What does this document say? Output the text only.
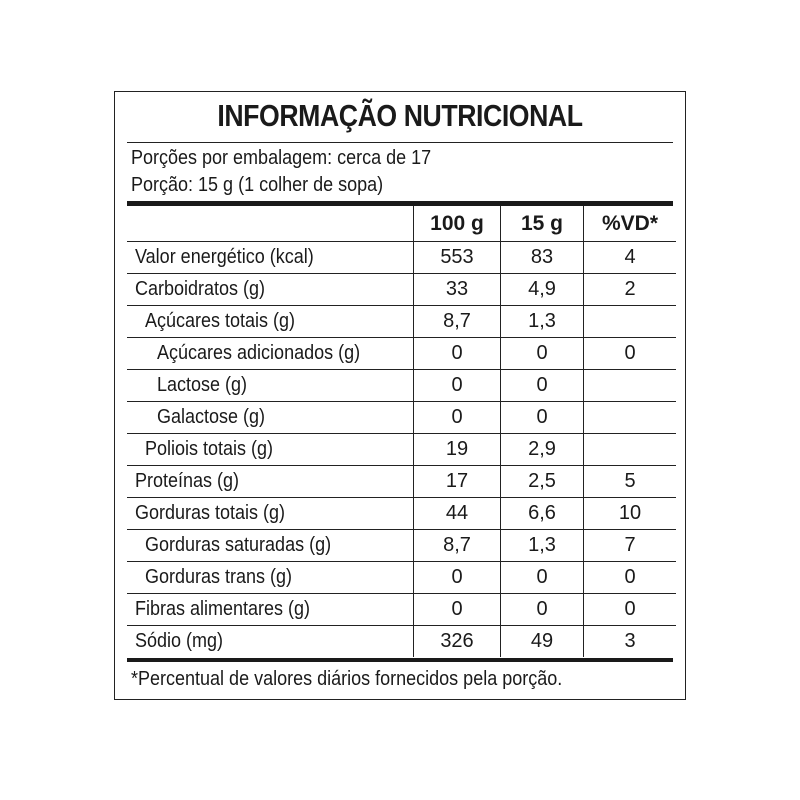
INFORMAÇÃO NUTRICIONAL
Porções por embalagem: cerca de 17
Porção: 15 g (1 colher de sopa)
	100 g	15 g	%VD*
Valor energético (kcal)	553	83	4
Carboidratos (g)	33	4,9	2
Açúcares totais (g)	8,7	1,3	
Açúcares adicionados (g)	0	0	0
Lactose (g)	0	0	
Galactose (g)	0	0	
Poliois totais (g)	19	2,9	
Proteínas (g)	17	2,5	5
Gorduras totais (g)	44	6,6	10
Gorduras saturadas (g)	8,7	1,3	7
Gorduras trans (g)	0	0	0
Fibras alimentares (g)	0	0	0
Sódio (mg)	326	49	3
*Percentual de valores diários fornecidos pela porção.
